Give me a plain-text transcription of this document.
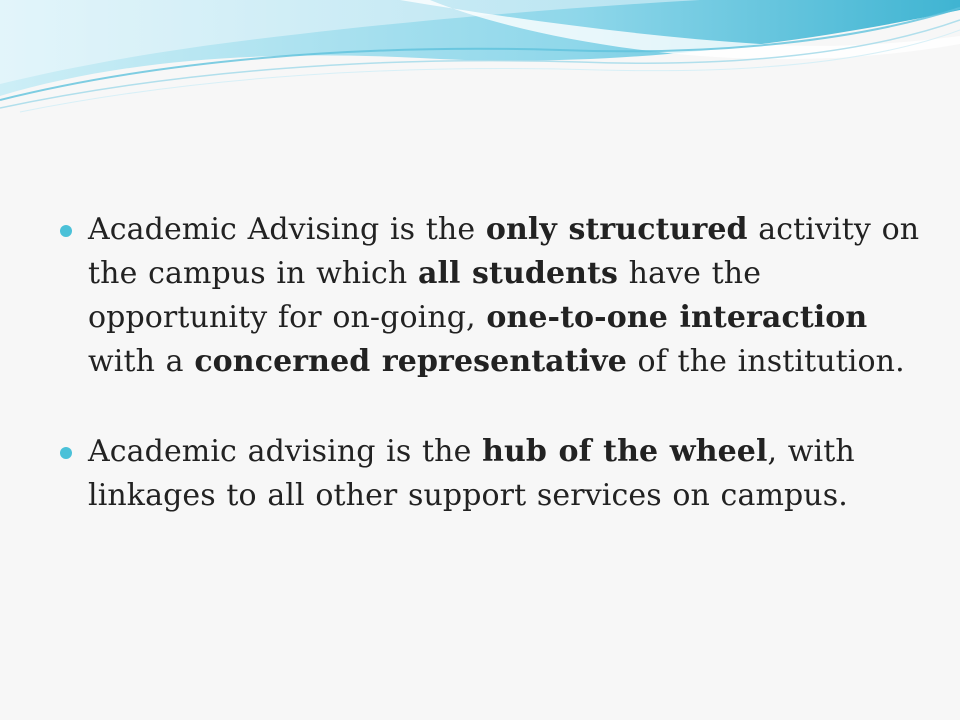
Academic Advising is the only structured activity on the campus in which all students have the opportunity for on-going, one-to-one interaction with a concerned representative of the institution.

Academic advising is the hub of the wheel, with linkages to all other support services on campus.
